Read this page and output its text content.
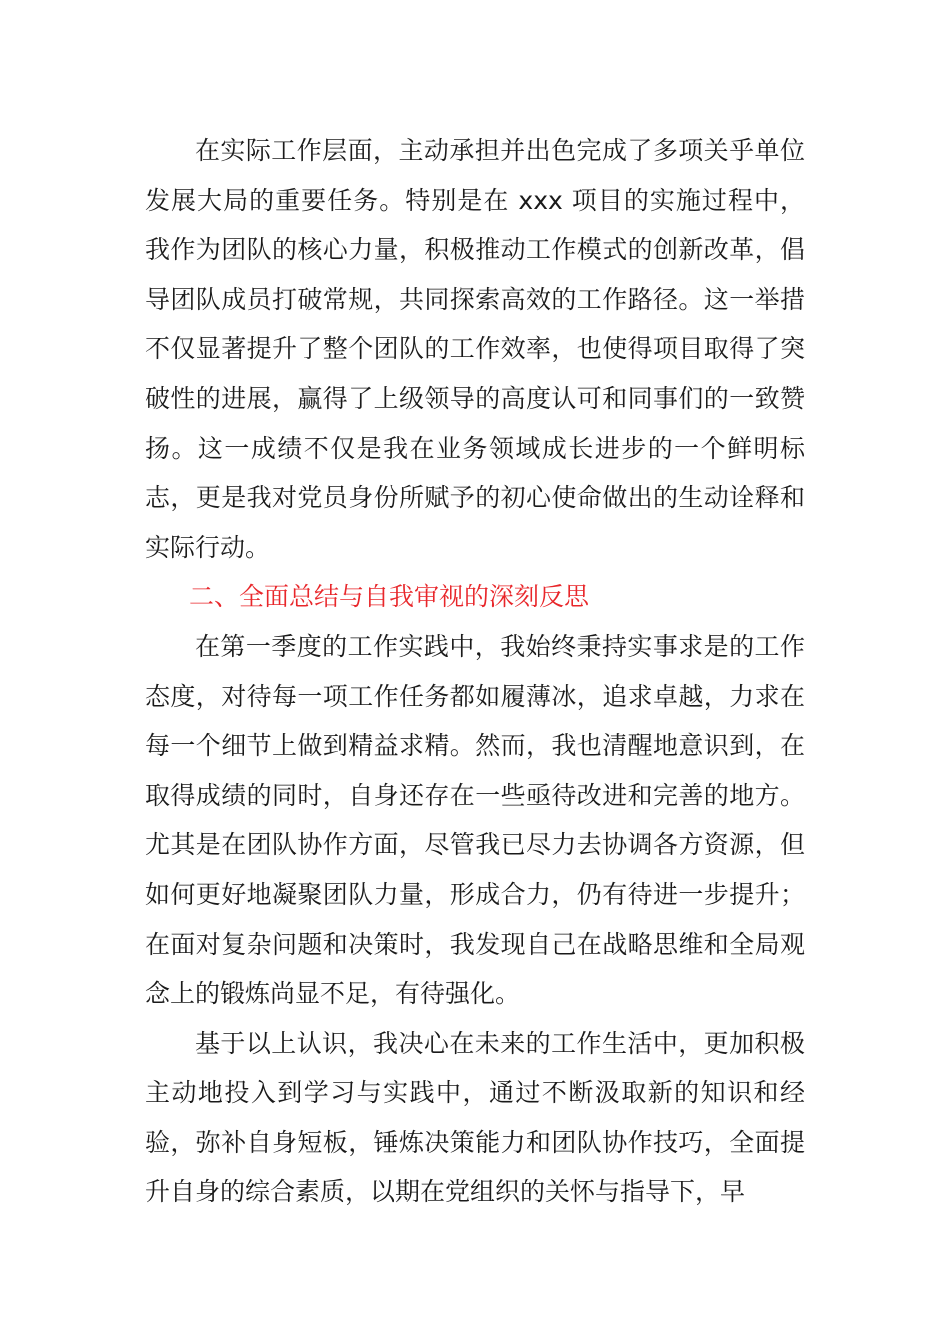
在实际工作层面，主动承担并出色完成了多项关乎单位发展大局的重要任务。特别是在 xxx 项目的实施过程中，我作为团队的核心力量，积极推动工作模式的创新改革，倡导团队成员打破常规，共同探索高效的工作路径。这一举措不仅显著提升了整个团队的工作效率，也使得项目取得了突破性的进展，赢得了上级领导的高度认可和同事们的一致赞扬。这一成绩不仅是我在业务领域成长进步的一个鲜明标志，更是我对党员身份所赋予的初心使命做出的生动诠释和实际行动。

二、全面总结与自我审视的深刻反思

在第一季度的工作实践中，我始终秉持实事求是的工作态度，对待每一项工作任务都如履薄冰，追求卓越，力求在每一个细节上做到精益求精。然而，我也清醒地意识到，在取得成绩的同时，自身还存在一些亟待改进和完善的地方。尤其是在团队协作方面，尽管我已尽力去协调各方资源，但如何更好地凝聚团队力量，形成合力，仍有待进一步提升；在面对复杂问题和决策时，我发现自己在战略思维和全局观念上的锻炼尚显不足，有待强化。

基于以上认识，我决心在未来的工作生活中，更加积极主动地投入到学习与实践中，通过不断汲取新的知识和经验，弥补自身短板，锤炼决策能力和团队协作技巧，全面提升自身的综合素质，以期在党组织的关怀与指导下，早
